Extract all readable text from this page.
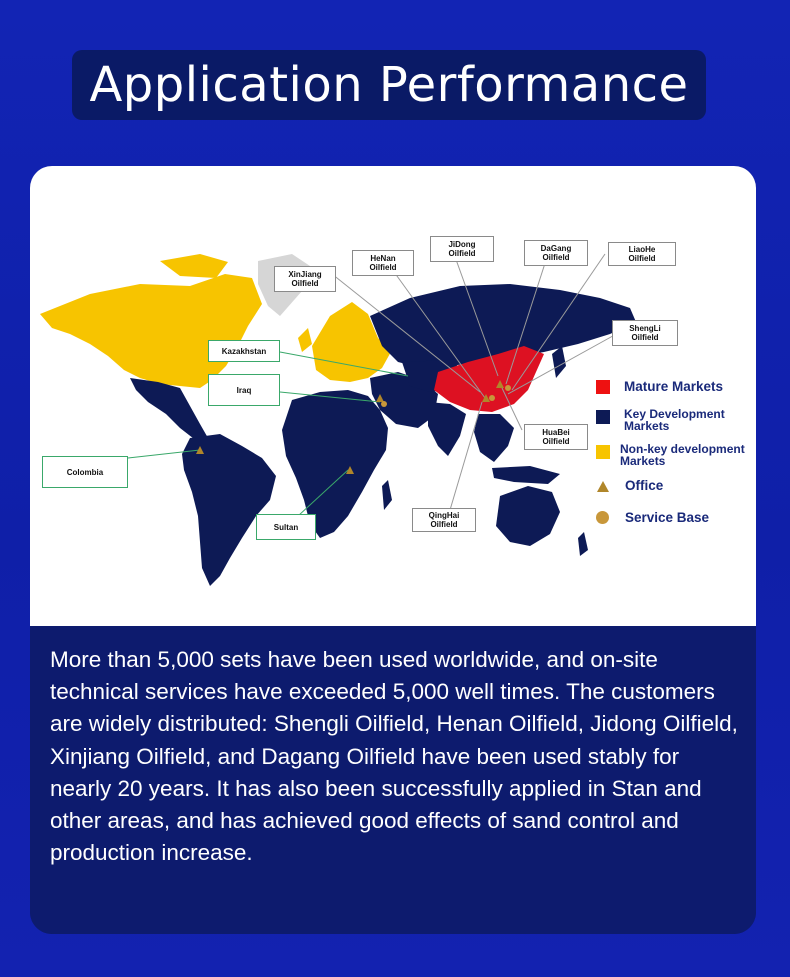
Application Performance
XinJiang
Oilfield
HeNan
Oilfield
JiDong
Oilfield
DaGang
Oilfield
LiaoHe
Oilfield
ShengLi
Oilfield
HuaBei
Oilfield
QingHai
Oilfield
Kazakhstan
Iraq
Colombia
Sultan
Mature Markets
Key Development Markets
Non-key development Markets
Office
Service Base

More than 5,000 sets have been used worldwide, and on-site technical services have exceeded 5,000 well times. The customers are widely distributed: Shengli Oilfield, Henan Oilfield, Jidong Oilfield, Xinjiang Oilfield, and Dagang Oilfield have been used stably for nearly 20 years. It has also been successfully applied in Stan and other areas, and has achieved good effects of sand control and production increase.
